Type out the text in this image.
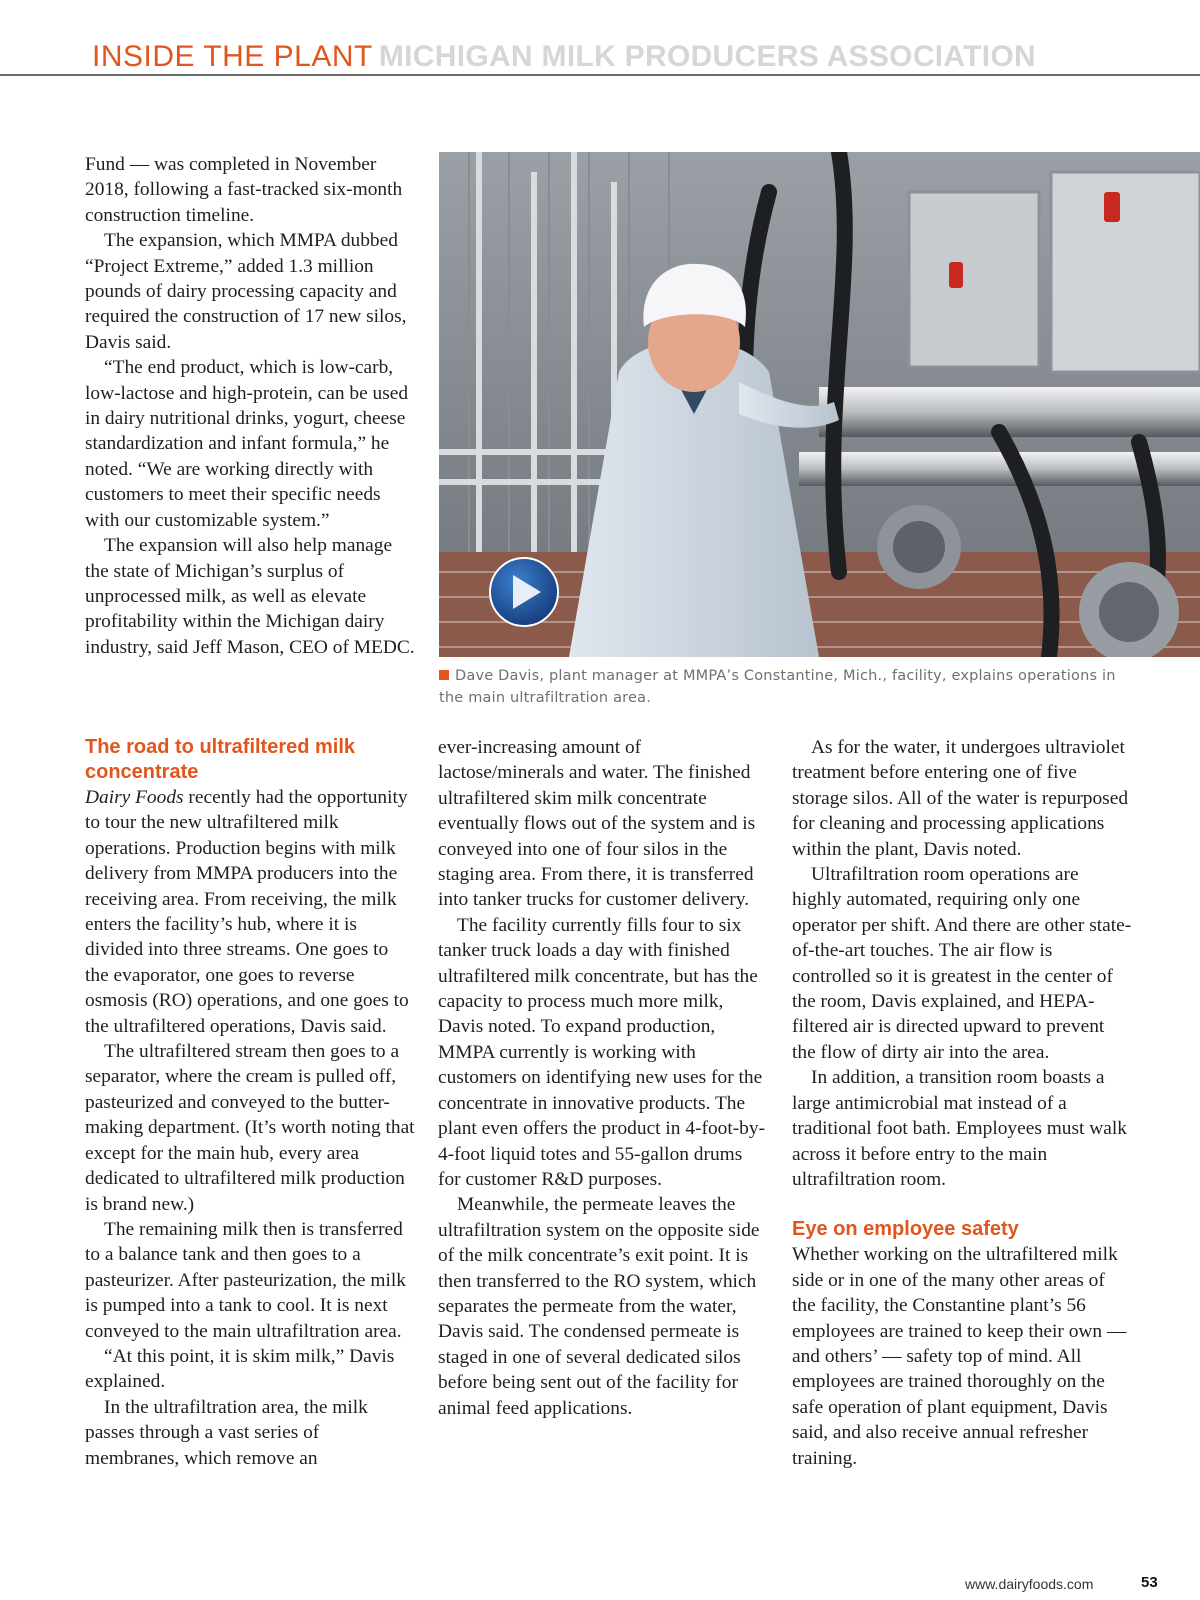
INSIDE THE PLANT MICHIGAN MILK PRODUCERS ASSOCIATION

Fund — was completed in November 2018, following a fast-tracked six-month construction timeline.

The expansion, which MMPA dubbed “Project Extreme,” added 1.3 million pounds of dairy processing capacity and required the construction of 17 new silos, Davis said.

“The end product, which is low-carb, low-lactose and high-protein, can be used in dairy nutritional drinks, yogurt, cheese standardization and infant formula,” he noted. “We are working directly with customers to meet their specific needs with our customizable system.”

The expansion will also help manage the state of Michigan’s surplus of unprocessed milk, as well as elevate profitability within the Michigan dairy industry, said Jeff Mason, CEO of MEDC.

Dave Davis, plant manager at MMPA’s Constantine, Mich., facility, explains operations in the main ultrafiltration area.
The road to ultrafiltered milk concentrate

Dairy Foods recently had the opportunity to tour the new ultrafiltered milk operations. Production begins with milk delivery from MMPA producers into the receiving area. From receiving, the milk enters the facility’s hub, where it is divided into three streams. One goes to the evaporator, one goes to reverse osmosis (RO) operations, and one goes to the ultrafiltered operations, Davis said.

The ultrafiltered stream then goes to a separator, where the cream is pulled off, pasteurized and conveyed to the butter-making department. (It’s worth noting that except for the main hub, every area dedicated to ultrafiltered milk production is brand new.)

The remaining milk then is transferred to a balance tank and then goes to a pasteurizer. After pasteurization, the milk is pumped into a tank to cool. It is next conveyed to the main ultrafiltration area.

“At this point, it is skim milk,” Davis explained.

In the ultrafiltration area, the milk passes through a vast series of membranes, which remove an

ever-increasing amount of lactose/minerals and water. The finished ultrafiltered skim milk concentrate eventually flows out of the system and is conveyed into one of four silos in the staging area. From there, it is transferred into tanker trucks for customer delivery.

The facility currently fills four to six tanker truck loads a day with finished ultrafiltered milk concentrate, but has the capacity to process much more milk, Davis noted. To expand production, MMPA currently is working with customers on identifying new uses for the concentrate in innovative products. The plant even offers the product in 4-foot-by-4-foot liquid totes and 55-gallon drums for customer R&D purposes.

Meanwhile, the permeate leaves the ultrafiltration system on the opposite side of the milk concentrate’s exit point. It is then transferred to the RO system, which separates the permeate from the water, Davis said. The condensed permeate is staged in one of several dedicated silos before being sent out of the facility for animal feed applications.

As for the water, it undergoes ultraviolet treatment before entering one of five storage silos. All of the water is repurposed for cleaning and processing applications within the plant, Davis noted.

Ultrafiltration room operations are highly automated, requiring only one operator per shift. And there are other state-of-the-art touches. The air flow is controlled so it is greatest in the center of the room, Davis explained, and HEPA-filtered air is directed upward to prevent the flow of dirty air into the area.

In addition, a transition room boasts a large antimicrobial mat instead of a traditional foot bath. Employees must walk across it before entry to the main ultrafiltration room.

Eye on employee safety

Whether working on the ultrafiltered milk side or in one of the many other areas of the facility, the Constantine plant’s 56 employees are trained to keep their own — and others’ — safety top of mind. All employees are trained thoroughly on the safe operation of plant equipment, Davis said, and also receive annual refresher training.

www.dairyfoods.com	53
